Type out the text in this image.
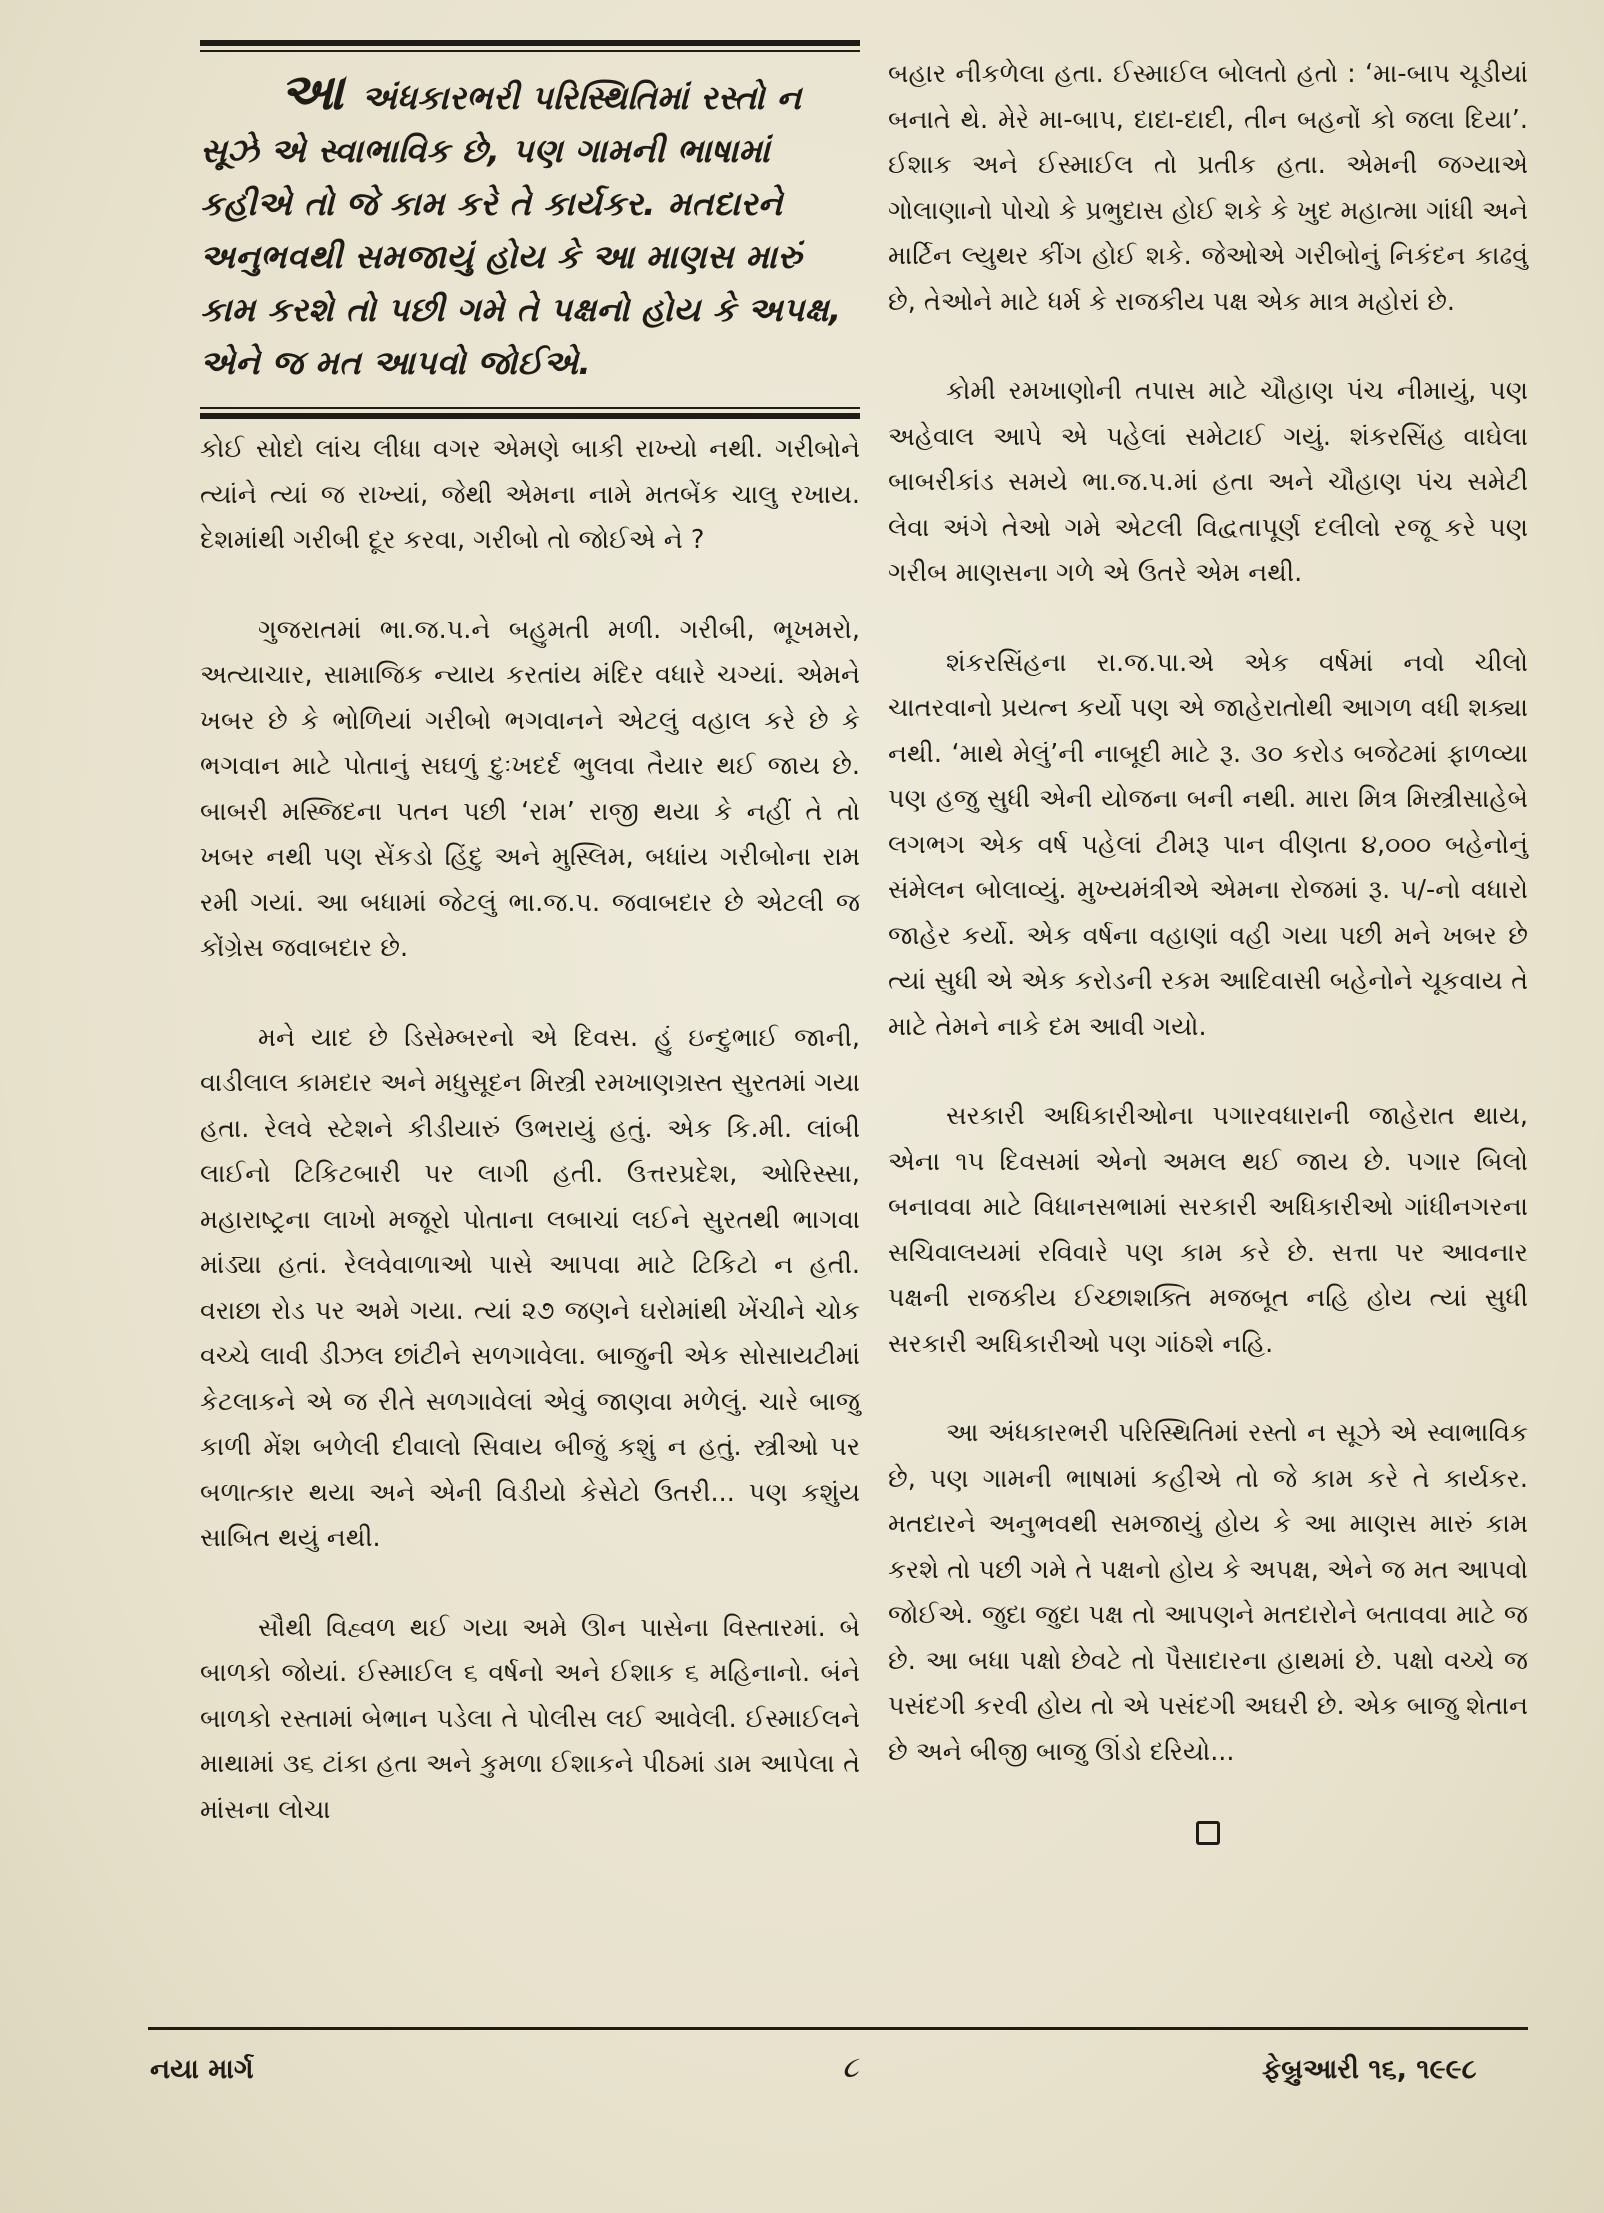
આ અંધકારભરી પરિસ્થિતિમાં રસ્તો ન સૂઝે એ સ્વાભાવિક છે, પણ ગામની ભાષામાં કહીએ તો જે કામ કરે તે કાર્યકર. મતદારને અનુભવથી સમજાયું હોય કે આ માણસ મારું કામ કરશે તો પછી ગમે તે પક્ષનો હોય કે અપક્ષ, એને જ મત આપવો જોઈએ.

કોઈ સોદો લાંચ લીધા વગર એમણે બાકી રાખ્યો નથી. ગરીબોને ત્યાંને ત્યાં જ રાખ્યાં, જેથી એમના નામે મતબેંક ચાલુ રખાય. દેશમાંથી ગરીબી દૂર કરવા, ગરીબો તો જોઈએ ને ?

ગુજરાતમાં ભા.જ.પ.ને બહુમતી મળી. ગરીબી, ભૂખમરો, અત્યાચાર, સામાજિક ન્યાય કરતાંય મંદિર વધારે ચગ્યાં. એમને ખબર છે કે ભોળિયાં ગરીબો ભગવાનને એટલું વહાલ કરે છે કે ભગવાન માટે પોતાનું સઘળું દુઃખદર્દ ભુલવા તૈયાર થઈ જાય છે. બાબરી મસ્જિદના પતન પછી ‘રામ’ રાજી થયા કે નહીં તે તો ખબર નથી પણ સેંકડો હિંદુ અને મુસ્લિમ, બધાંય ગરીબોના રામ રમી ગયાં. આ બધામાં જેટલું ભા.જ.પ. જવાબદાર છે એટલી જ કોંગ્રેસ જવાબદાર છે.

મને યાદ છે ડિસેમ્બરનો એ દિવસ. હું ઇન્દુભાઈ જાની, વાડીલાલ કામદાર અને મધુસૂદન મિસ્ત્રી રમખાણગ્રસ્ત સુરતમાં ગયા હતા. રેલવે સ્ટેશને કીડીયારું ઉભરાયું હતું. એક કિ.મી. લાંબી લાઈનો ટિકિટબારી પર લાગી હતી. ઉત્તરપ્રદેશ, ઓરિસ્સા, મહારાષ્ટ્રના લાખો મજૂરો પોતાના લબાચાં લઈને સુરતથી ભાગવા માંડ્યા હતાં. રેલવેવાળાઓ પાસે આપવા માટે ટિકિટો ન હતી. વરાછા રોડ પર અમે ગયા. ત્યાં ૨૭ જણને ઘરોમાંથી ખેંચીને ચોક વચ્ચે લાવી ડીઝલ છાંટીને સળગાવેલા. બાજુની એક સોસાયટીમાં કેટલાકને એ જ રીતે સળગાવેલાં એવું જાણવા મળેલું. ચારે બાજુ કાળી મેંશ બળેલી દીવાલો સિવાય બીજું કશું ન હતું. સ્ત્રીઓ પર બળાત્કાર થયા અને એની વિડીયો કેસેટો ઉતરી... પણ કશુંય સાબિત થયું નથી.

સૌથી વિહ્વળ થઈ ગયા અમે ઊન પાસેના વિસ્તારમાં. બે બાળકો જોયાં. ઈસ્માઈલ ૬ વર્ષનો અને ઈશાક ૬ મહિનાનો. બંને બાળકો રસ્તામાં બેભાન પડેલા તે પોલીસ લઈ આવેલી. ઈસ્માઈલને માથામાં ૩૬ ટાંકા હતા અને કુમળા ઈશાકને પીઠમાં ડામ આપેલા તે માંસના લોચા

બહાર નીકળેલા હતા. ઈસ્માઈલ બોલતો હતો : ‘મા-બાપ ચૂડીયાં બનાતે થે. મેરે મા-બાપ, દાદા-દાદી, તીન બહનોં કો જલા દિયા’. ઈશાક અને ઈસ્માઈલ તો પ્રતીક હતા. એમની જગ્યાએ ગોલાણાનો પોચો કે પ્રભુદાસ હોઈ શકે કે ખુદ મહાત્મા ગાંધી અને માર્ટિન લ્યુથર કીંગ હોઈ શકે. જેઓએ ગરીબોનું નિકંદન કાઢવું છે, તેઓને માટે ધર્મ કે રાજકીય પક્ષ એક માત્ર મહોરાં છે.

કોમી રમખાણોની તપાસ માટે ચૌહાણ પંચ નીમાયું, પણ અહેવાલ આપે એ પહેલાં સમેટાઈ ગયું. શંકરસિંહ વાઘેલા બાબરીકાંડ સમયે ભા.જ.પ.માં હતા અને ચૌહાણ પંચ સમેટી લેવા અંગે તેઓ ગમે એટલી વિદ્વતાપૂર્ણ દલીલો રજૂ કરે પણ ગરીબ માણસના ગળે એ ઉતરે એમ નથી.

શંકરસિંહના રા.જ.પા.એ એક વર્ષમાં નવો ચીલો ચાતરવાનો પ્રયત્ન કર્યો પણ એ જાહેરાતોથી આગળ વધી શક્યા નથી. ‘માથે મેલું’ની નાબૂદી માટે રૂ. ૩૦ કરોડ બજેટમાં ફાળવ્યા પણ હજુ સુધી એની યોજના બની નથી. મારા મિત્ર મિસ્ત્રીસાહેબે લગભગ એક વર્ષ પહેલાં ટીમરૂ પાન વીણતા ૪,૦૦૦ બહેનોનું સંમેલન બોલાવ્યું. મુખ્યમંત્રીએ એમના રોજમાં રૂ. ૫/-નો વધારો જાહેર કર્યો. એક વર્ષના વહાણાં વહી ગયા પછી મને ખબર છે ત્યાં સુધી એ એક કરોડની રકમ આદિવાસી બહેનોને ચૂકવાય તે માટે તેમને નાકે દમ આવી ગયો.

સરકારી અધિકારીઓના પગારવધારાની જાહેરાત થાય, એના ૧૫ દિવસમાં એનો અમલ થઈ જાય છે. પગાર બિલો બનાવવા માટે વિધાનસભામાં સરકારી અધિકારીઓ ગાંધીનગરના સચિવાલયમાં રવિવારે પણ કામ કરે છે. સત્તા પર આવનાર પક્ષની રાજકીય ઈચ્છાશક્તિ મજબૂત નહિ હોય ત્યાં સુધી સરકારી અધિકારીઓ પણ ગાંઠશે નહિ.

આ અંધકારભરી પરિસ્થિતિમાં રસ્તો ન સૂઝે એ સ્વાભાવિક છે, પણ ગામની ભાષામાં કહીએ તો જે કામ કરે તે કાર્યકર. મતદારને અનુભવથી સમજાયું હોય કે આ માણસ મારું કામ કરશે તો પછી ગમે તે પક્ષનો હોય કે અપક્ષ, એને જ મત આપવો જોઈએ. જુદા જુદા પક્ષ તો આપણને મતદારોને બતાવવા માટે જ છે. આ બધા પક્ષો છેવટે તો પૈસાદારના હાથમાં છે. પક્ષો વચ્ચે જ પસંદગી કરવી હોય તો એ પસંદગી અઘરી છે. એક બાજુ શેતાન છે અને બીજી બાજુ ઊંડો દરિયો...

નયા માર્ગ	૮	ફેબ્રુઆરી ૧૬, ૧૯૯૮
